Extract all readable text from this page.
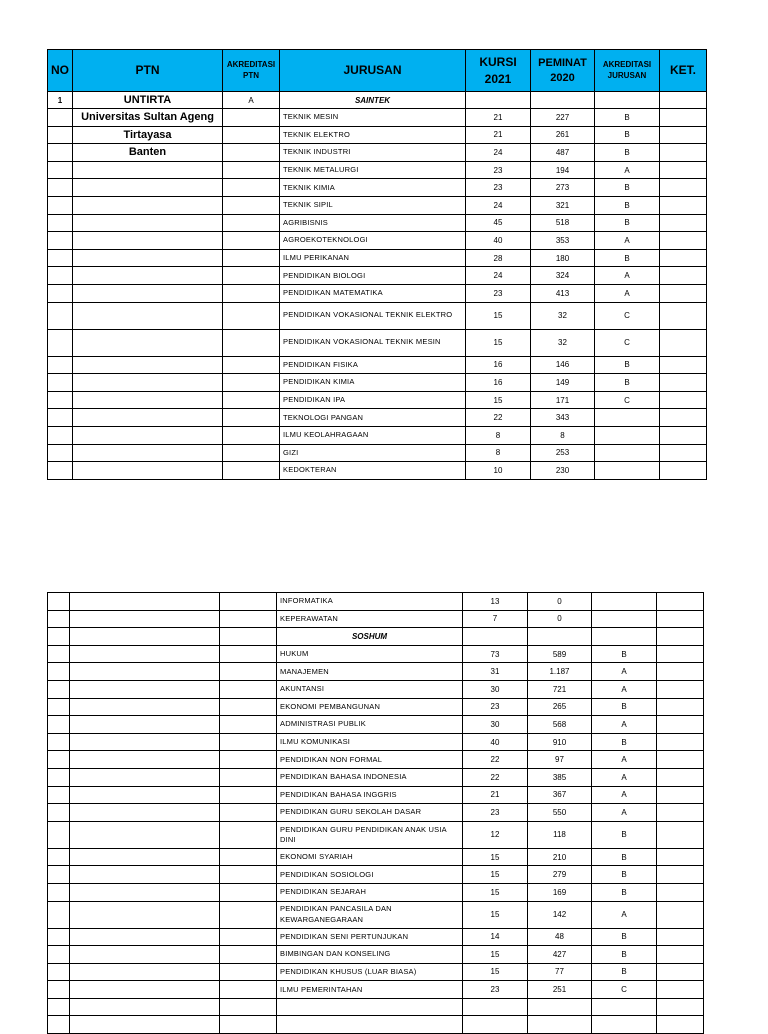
NO	PTN	AKREDITASI PTN	JURUSAN	KURSI 2021	PEMINAT 2020	AKREDITASI JURUSAN	KET.
1	UNTIRTA	A	SAINTEK				
	Universitas Sultan Ageng		TEKNIK MESIN	21	227	B	
	Tirtayasa		TEKNIK ELEKTRO	21	261	B	
	Banten		TEKNIK INDUSTRI	24	487	B	
			TEKNIK METALURGI	23	194	A	
			TEKNIK KIMIA	23	273	B	
			TEKNIK SIPIL	24	321	B	
			AGRIBISNIS	45	518	B	
			AGROEKOTEKNOLOGI	40	353	A	
			ILMU PERIKANAN	28	180	B	
			PENDIDIKAN BIOLOGI	24	324	A	
			PENDIDIKAN MATEMATIKA	23	413	A	
			PENDIDIKAN VOKASIONAL TEKNIK ELEKTRO	15	32	C	
			PENDIDIKAN VOKASIONAL TEKNIK MESIN	15	32	C	
			PENDIDIKAN FISIKA	16	146	B	
			PENDIDIKAN KIMIA	16	149	B	
			PENDIDIKAN IPA	15	171	C	
			TEKNOLOGI PANGAN	22	343		
			ILMU KEOLAHRAGAAN	8	8		
			GIZI	8	253		
			KEDOKTERAN	10	230		
			INFORMATIKA	13	0		
			KEPERAWATAN	7	0		
			SOSHUM				
			HUKUM	73	589	B	
			MANAJEMEN	31	1.187	A	
			AKUNTANSI	30	721	A	
			EKONOMI PEMBANGUNAN	23	265	B	
			ADMINISTRASI PUBLIK	30	568	A	
			ILMU KOMUNIKASI	40	910	B	
			PENDIDIKAN NON FORMAL	22	97	A	
			PENDIDIKAN BAHASA INDONESIA	22	385	A	
			PENDIDIKAN BAHASA INGGRIS	21	367	A	
			PENDIDIKAN GURU SEKOLAH DASAR	23	550	A	
			PENDIDIKAN GURU PENDIDIKAN ANAK USIA DINI	12	118	B	
			EKONOMI SYARIAH	15	210	B	
			PENDIDIKAN SOSIOLOGI	15	279	B	
			PENDIDIKAN SEJARAH	15	169	B	
			PENDIDIKAN PANCASILA DAN KEWARGANEGARAAN	15	142	A	
			PENDIDIKAN SENI PERTUNJUKAN	14	48	B	
			BIMBINGAN DAN KONSELING	15	427	B	
			PENDIDIKAN KHUSUS (LUAR BIASA)	15	77	B	
			ILMU PEMERINTAHAN	23	251	C	
